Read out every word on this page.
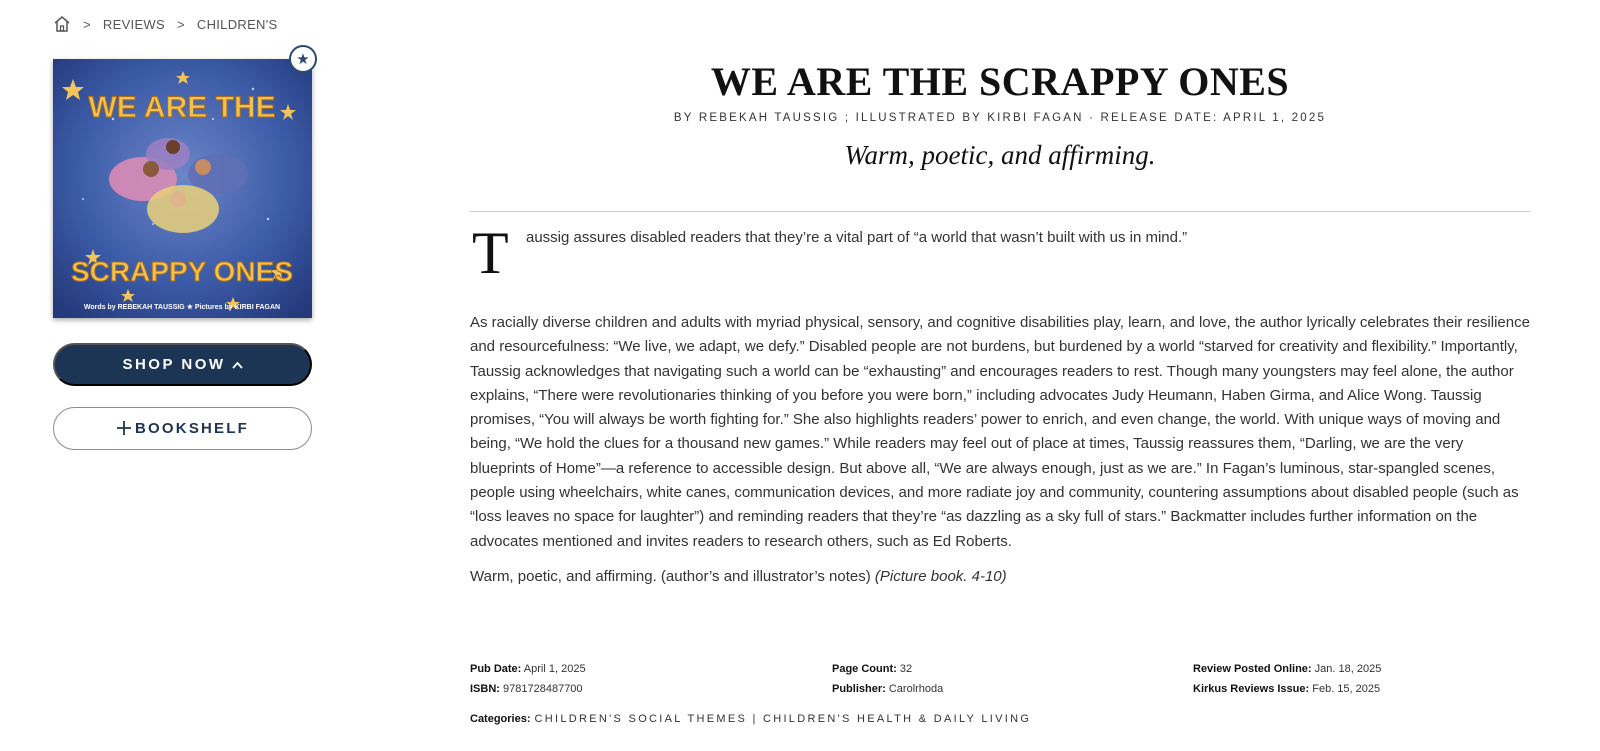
> REVIEWS > CHILDREN'S
WE ARE THE
SCRAPPY ONES
Words by REBEKAH TAUSSIG ★ Pictures by KIRBI FAGAN
★
SHOP NOW
BOOKSHELF
WE ARE THE SCRAPPY ONES
BY REBEKAH TAUSSIG ; ILLUSTRATED BY KIRBI FAGAN · RELEASE DATE: APRIL 1, 2025
Warm, poetic, and affirming.
T aussig assures disabled readers that they’re a vital part of “a world that wasn’t built with us in mind.”

As racially diverse children and adults with myriad physical, sensory, and cognitive disabilities play, learn, and love, the author lyrically celebrates their resilience and resourcefulness: “We live, we adapt, we defy.” Disabled people are not burdens, but burdened by a world “starved for creativity and flexibility.” Importantly, Taussig acknowledges that navigating such a world can be “exhausting” and encourages readers to rest. Though many youngsters may feel alone, the author explains, “There were revolutionaries thinking of you before you were born,” including advocates Judy Heumann, Haben Girma, and Alice Wong. Taussig promises, “You will always be worth fighting for.” She also highlights readers’ power to enrich, and even change, the world. With unique ways of moving and being, “We hold the clues for a thousand new games.” While readers may feel out of place at times, Taussig reassures them, “Darling, we are the very blueprints of Home”—a reference to accessible design. But above all, “We are always enough, just as we are.” In Fagan’s luminous, star-spangled scenes, people using wheelchairs, white canes, communication devices, and more radiate joy and community, countering assumptions about disabled people (such as “loss leaves no space for laughter”) and reminding readers that they’re “as dazzling as a sky full of stars.” Backmatter includes further information on the advocates mentioned and invites readers to research others, such as Ed Roberts.

Warm, poetic, and affirming. (author’s and illustrator’s notes) (Picture book. 4-10)

Pub Date: April 1, 2025
ISBN: 9781728487700
Page Count: 32
Publisher: Carolrhoda
Review Posted Online: Jan. 18, 2025
Kirkus Reviews Issue: Feb. 15, 2025
Categories: CHILDREN'S SOCIAL THEMES | CHILDREN'S HEALTH & DAILY LIVING
